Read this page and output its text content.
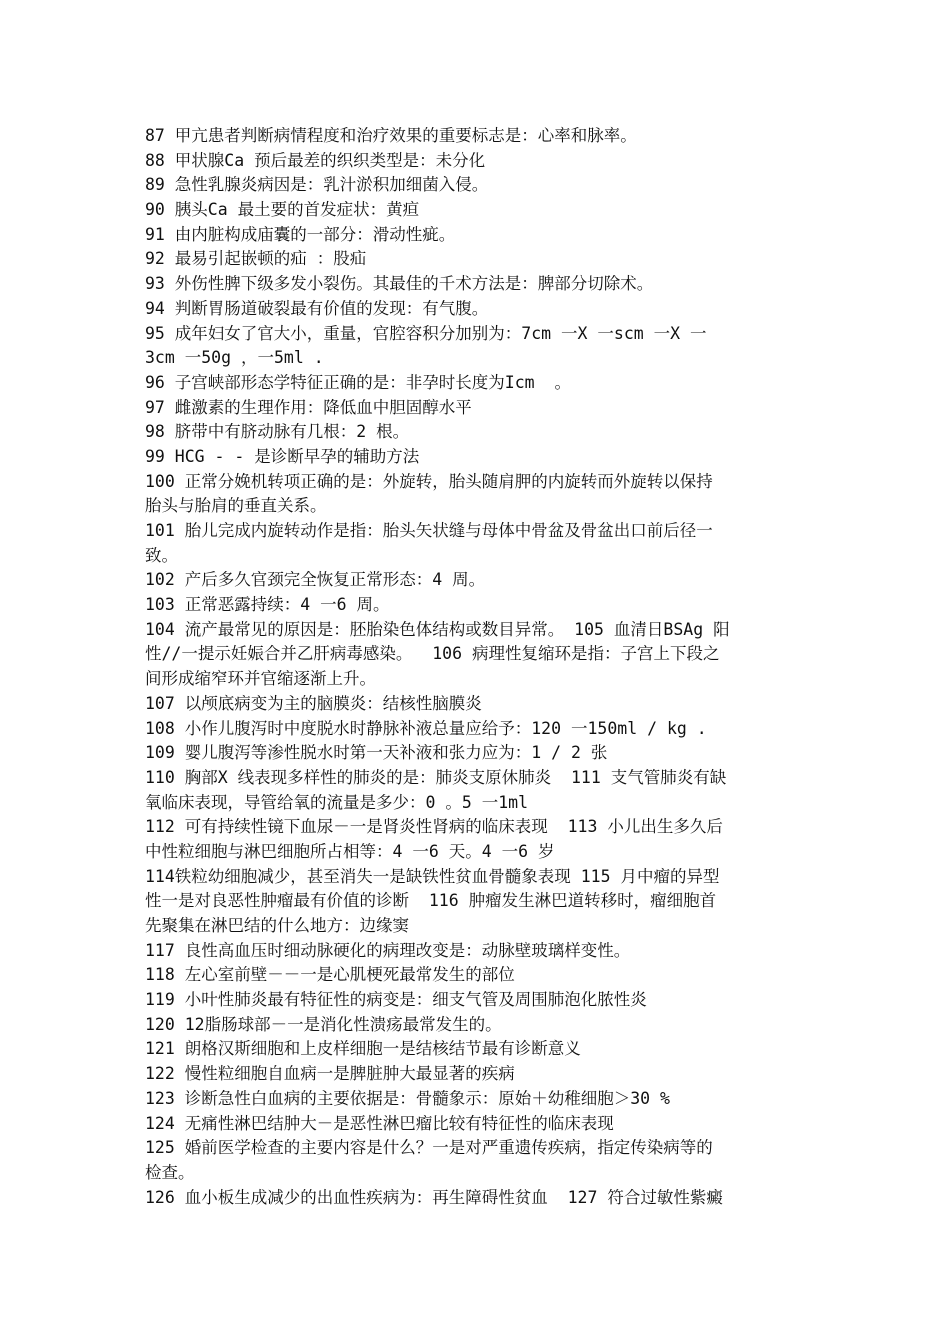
87 甲亢患者判断病情程度和治疗效果的重要标志是：心率和脉率。
88 甲状腺Ca 预后最差的织织类型是：未分化
89 急性乳腺炎病因是：乳汁淤积加细菌入侵。
90 胰头Ca 最土要的首发症状：黄疸
91 由内脏构成庙囊的一部分：滑动性疵。
92 最易引起嵌顿的疝 ：股疝
93 外伤性脾下级多发小裂伤。其最佳的千术方法是：脾部分切除术。
94 判断胃肠道破裂最有价值的发现：有气腹。
95 成年妇女了官大小，重量，官腔容积分加别为：7cm 一X 一scm 一X 一
3cm 一50g ，一5ml .
96 子宫峡部形态学特征正确的是：非孕时长度为Icm  。
97 雌激素的生理作用：降低血中胆固醇水平
98 脐带中有脐动脉有几根：2 根。
99 HCG - - 是诊断早孕的辅助方法
100 正常分娩机转项正确的是：外旋转，胎头随肩胛的内旋转而外旋转以保持
胎头与胎肩的垂直关系。
101 胎儿完成内旋转动作是指：胎头矢状缝与母体中骨盆及骨盆出口前后径一
致。
102 产后多久官颈完全恢复正常形态：4 周。
103 正常恶露持续：4 一6 周。
104 流产最常见的原因是：胚胎染色体结构或数目异常。 105 血清日BSAg 阳
性//一提示妊娠合并乙肝病毒感染。  106 病理性复缩环是指：子宫上下段之
间形成缩窄环并官缩逐渐上升。
107 以颅底病变为主的脑膜炎：结核性脑膜炎
108 小作儿腹泻时中度脱水时静脉补液总量应给予：120 一150ml / kg .
109 婴儿腹泻等渗性脱水时第一天补液和张力应为：1 / 2 张
110 胸部X 线表现多样性的肺炎的是：肺炎支原休肺炎  111 支气管肺炎有缺
氧临床表现，导管给氧的流量是多少：0 。5 一1ml
112 可有持续性镜下血尿－一是肾炎性肾病的临床表现  113 小儿出生多久后
中性粒细胞与淋巴细胞所占相等：4 一6 天。4 一6 岁
114铁粒幼细胞减少，甚至消失一是缺铁性贫血骨髓象表现 115 月中瘤的异型
性一是对良恶性肿瘤最有价值的诊断  116 肿瘤发生淋巴道转移时，瘤细胞首
先聚集在淋巴结的什么地方：边缘窦
117 良性高血压时细动脉硬化的病理改变是：动脉壁玻璃样变性。
118 左心室前壁－－一是心肌梗死最常发生的部位
119 小叶性肺炎最有特征性的病变是：细支气管及周围肺泡化脓性炎
120 12脂肠球部－一是消化性溃疡最常发生的。
121 朗格汉斯细胞和上皮样细胞一是结核结节最有诊断意义
122 慢性粒细胞自血病一是脾脏肿大最显著的疾病
123 诊断急性白血病的主要依据是：骨髓象示：原始＋幼稚细胞＞30 %
124 无痛性淋巴结肿大－是恶性淋巴瘤比较有特征性的临床表现
125 婚前医学检查的主要内容是什么？一是对严重遗传疾病，指定传染病等的
检查。
126 血小板生成减少的出血性疾病为：再生障碍性贫血  127 符合过敏性紫癜
